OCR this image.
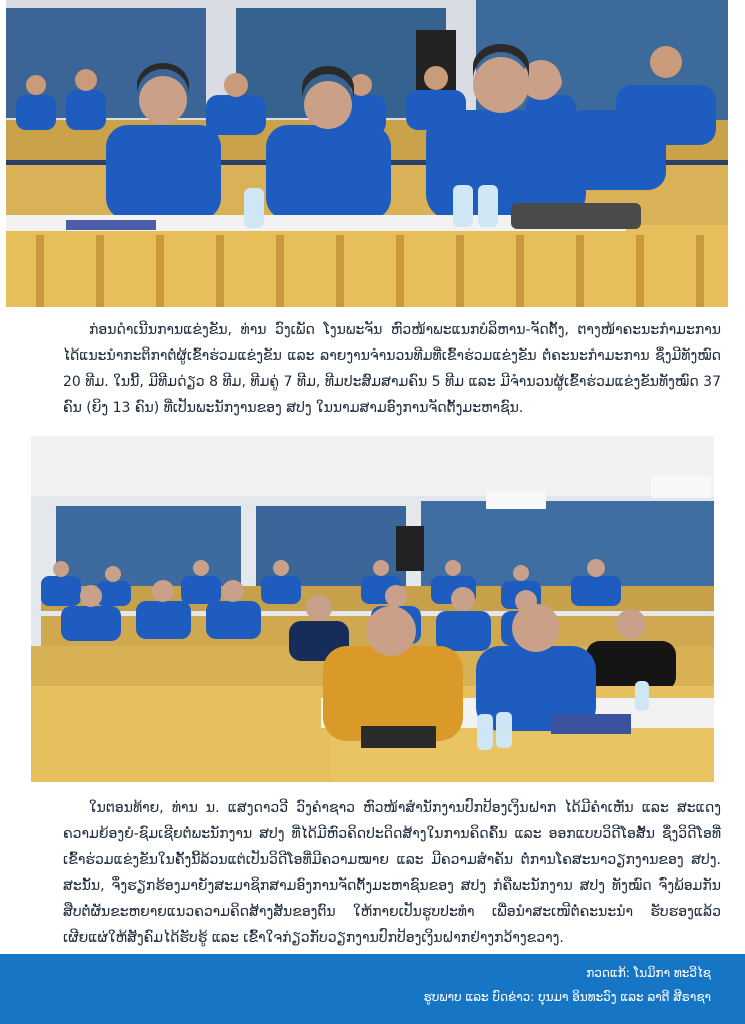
ກ່ອນດຳເນີນການແຂ່ງຂັນ, ທ່ານ ວົງເພັດ ໂງນພະຈັນ ຫົວໜ້າພະແນກບໍລິຫານ-ຈັດຕັ້ງ, ຕາງໜ້າຄະນະກຳມະການ ໄດ້ແນະນຳກະຕິກາຕໍ່ຜູ້ເຂົ້າຮ່ວມແຂ່ງຂັນ ແລະ ລາຍງານຈຳນວນທີມທີ່ເຂົ້າຮ່ວມແຂ່ງຂັນ ຕໍ່ຄະນະກຳມະການ ຊຶ່ງມີທັງໝົດ 20 ທີມ. ໃນນີ້, ມີທີມດ່ຽວ 8 ທີມ, ທີມຄູ່ 7 ທີມ, ທີມປະສົມສາມຄົນ 5 ທີມ ແລະ ມີຈຳນວນຜູ້ເຂົ້າຮ່ວມແຂ່ງຂັນທັງໝົດ 37 ຄົນ (ຍິງ 13 ຄົນ) ທີ່ເປັນພະນັກງານຂອງ ສປງ ໃນນາມສາມອົງການຈັດຕັ້ງມະຫາຊົນ.

ໃນຕອນທ້າຍ, ທ່ານ ນ. ແສງດາວວີ ວົງຄຳຊາວ ຫົວໜ້າສຳນັກງານປົກປ້ອງເງິນຝາກ ໄດ້ມີຄຳເຫັນ ແລະ ສະແດງຄວາມຍ້ອງຍໍ-ຊົມເຊີຍຕໍ່ພະນັກງານ ສປງ ທີ່ໄດ້ມີຫົວຄິດປະດິດສ້າງໃນການຄິດຄົ້ນ ແລະ ອອກແບບວິດີໂອສັ້ນ ຊຶ່ງວິດີໂອທີ່ເຂົ້າຮ່ວມແຂ່ງຂັນໃນຄັ້ງນີ້ລ້ວນແຕ່ເປັນວິດີໂອທີ່ມີຄວາມໝາຍ ແລະ ມີຄວາມສຳຄັນ ຕໍ່ການໂຄສະນາວຽກງານຂອງ ສປງ. ສະນັ້ນ, ຈຶ່ງຮຽກຮ້ອງມາຍັງສະມາຊິກສາມອົງການຈັດຕັ້ງມະຫາຊົນຂອງ ສປງ ກໍຄືພະນັກງານ ສປງ ທັງໝົດ ຈົ່ງພ້ອມກັນສືບຕໍ່ຜັນຂະຫຍາຍແນວຄວາມຄິດສ້າງສັນຂອງຕົນ ໃຫ້ກາຍເປັນຮູບປະທຳ ເພື່ອນຳສະເໜີຕໍ່ຄະນະນຳ ຮັບຮອງແລ້ວ ເຜີຍແຜ່ໃຫ້ສັງຄົມໄດ້ຮັບຮູ້ ແລະ ເຂົ້າໃຈກ່ຽວກັບວຽກງານປົກປ້ອງເງິນຝາກຢ່າງກວ້າງຂວາງ.

ກວດແກ້: ໂນມິກາ ທະວີໄຊ
ຮູບພາບ ແລະ ບົດຂ່າວ: ບຸນມາ ອິນທະວົງ ແລະ ລາຕີ ສີຣາຊາ
